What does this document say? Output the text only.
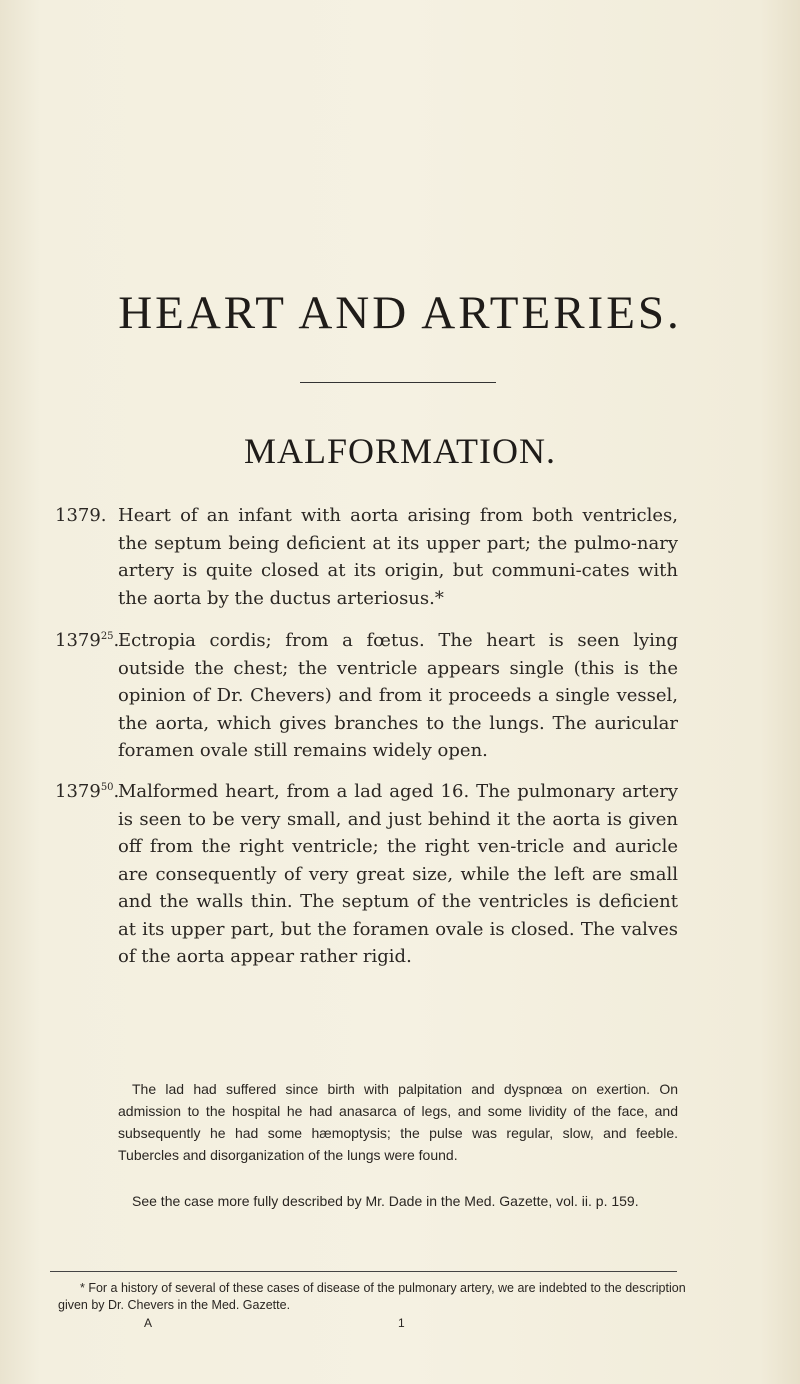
HEART AND ARTERIES.
MALFORMATION.
1379. Heart of an infant with aorta arising from both ventricles, the septum being deficient at its upper part; the pulmo-nary artery is quite closed at its origin, but communi-cates with the aorta by the ductus arteriosus.*
1379$^{25}$.
Ectropia cordis; from a fœtus. The heart is seen lying outside the chest; the ventricle appears single (this is the opinion of Dr. Chevers) and from it proceeds a single vessel, the aorta, which gives branches to the lungs. The auricular foramen ovale still remains widely open.
1379$^{50}$.
Malformed heart, from a lad aged 16. The pulmonary artery is seen to be very small, and just behind it the aorta is given off from the right ventricle; the right ven-tricle and auricle are consequently of very great size, while the left are small and the walls thin. The septum of the ventricles is deficient at its upper part, but the foramen ovale is closed. The valves of the aorta appear rather rigid.
The lad had suffered since birth with palpitation and dyspnœa on exertion. On admission to the hospital he had anasarca of legs, and some lividity of the face, and subsequently he had some hæmoptysis; the pulse was regular, slow, and feeble. Tubercles and disorganization of the lungs were found.
See the case more fully described by Mr. Dade in the Med. Gazette, vol. ii. p. 159.
* For a history of several of these cases of disease of the pulmonary artery, we are indebted to the description given by Dr. Chevers in the Med. Gazette.
A	1
